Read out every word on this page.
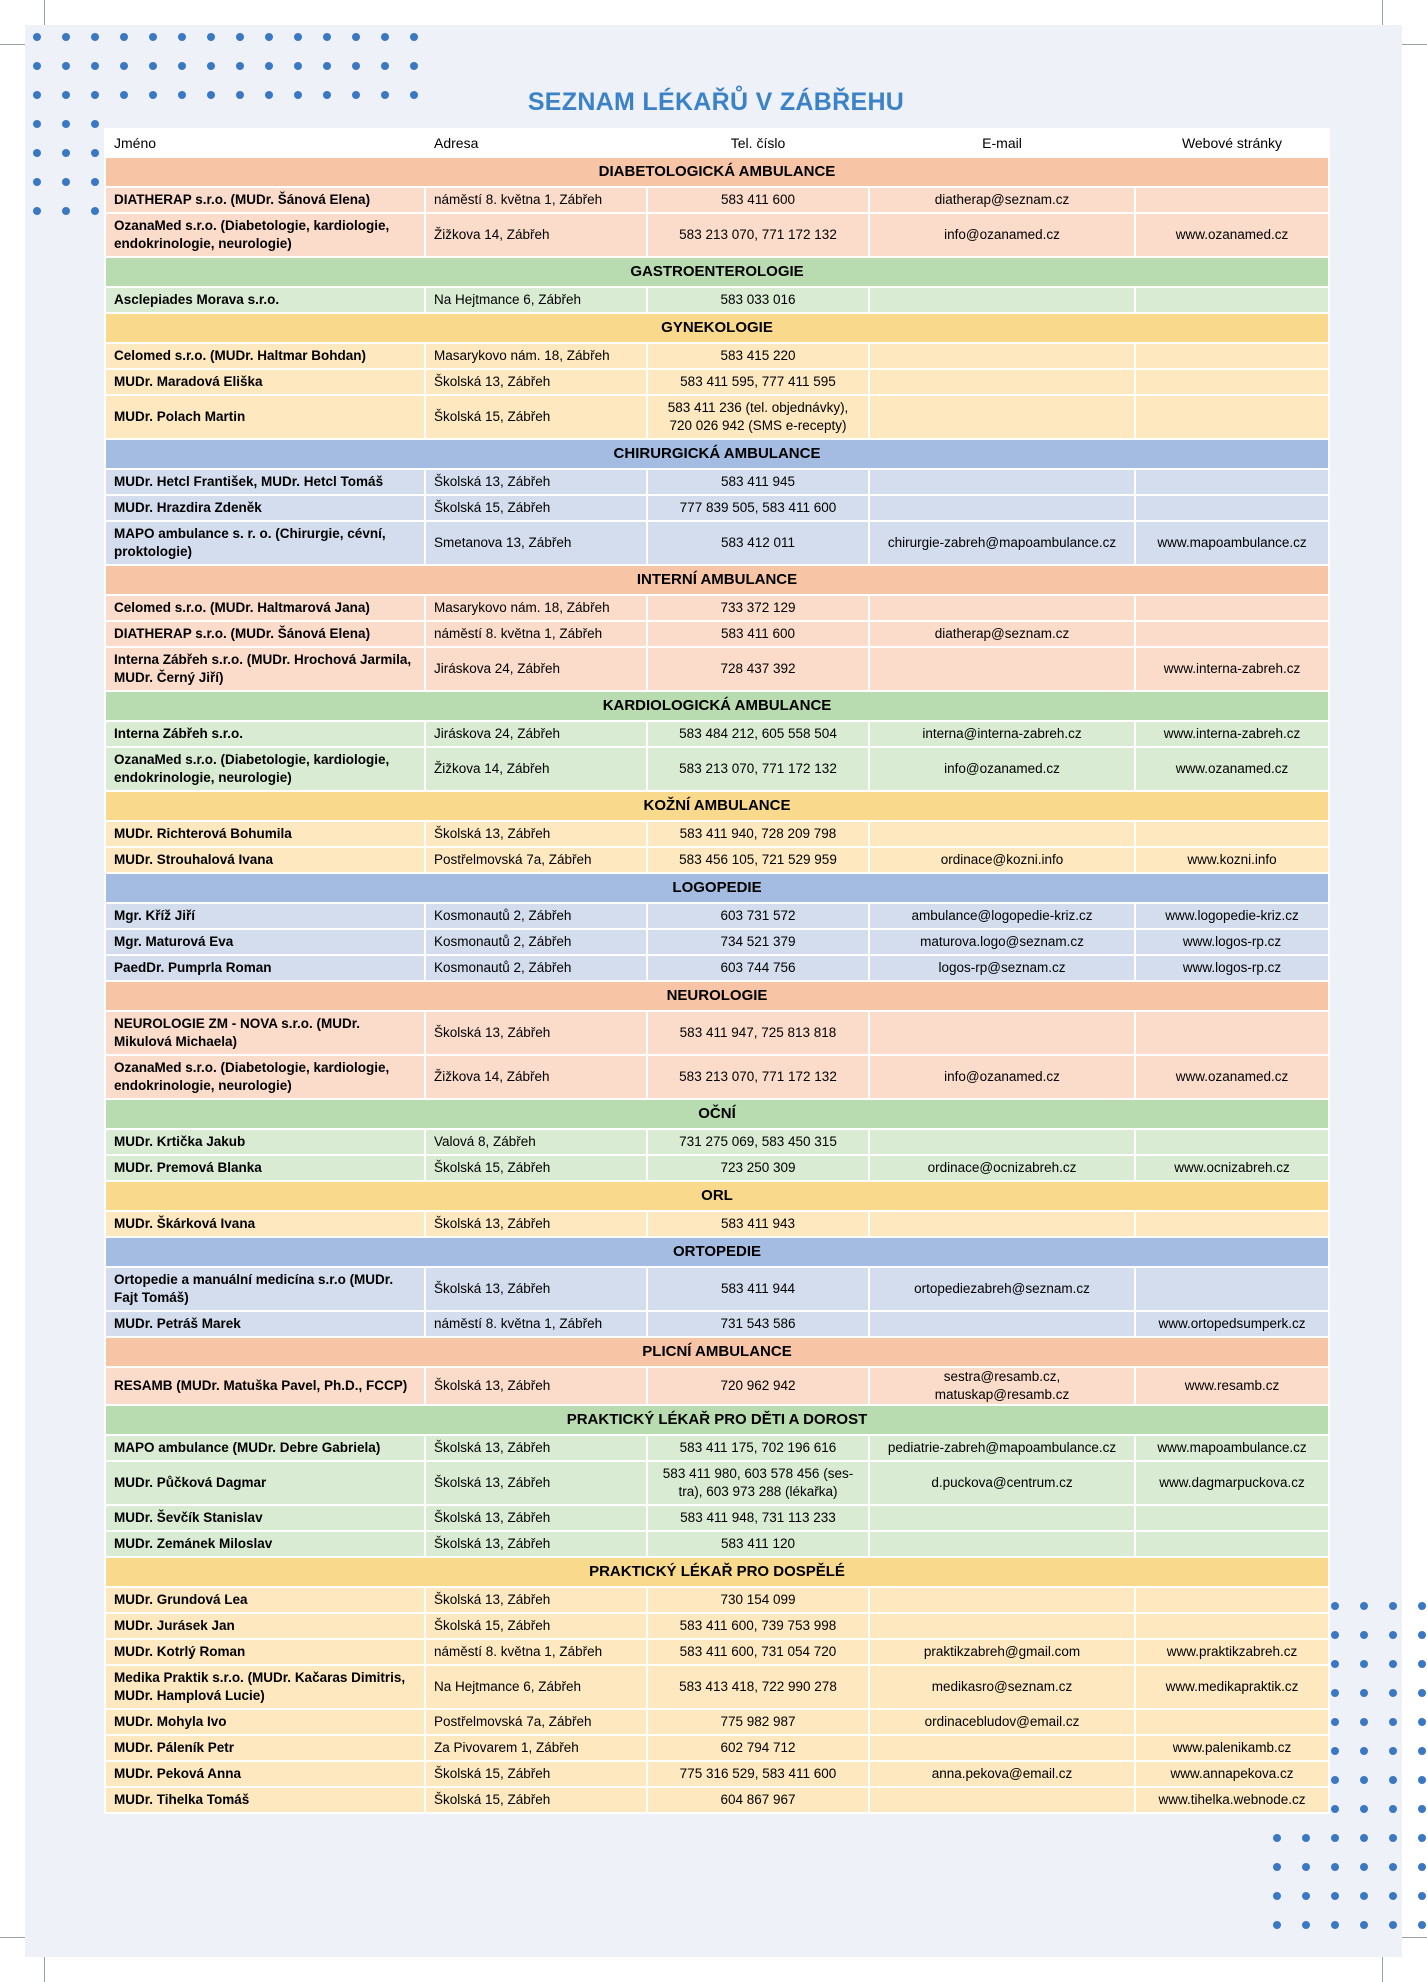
SEZNAM LÉKAŘŮ V ZÁBŘEHU
Jméno	Adresa	Tel. číslo	E-mail	Webové stránky
DIABETOLOGICKÁ AMBULANCE				
DIATHERAP s.r.o. (MUDr. Šánová Elena)	náměstí 8. května 1, Zábřeh	583 411 600	diatherap@seznam.cz	
OzanaMed s.r.o. (Diabetologie, kardiologie, endokrinologie, neurologie)	Žižkova 14, Zábřeh	583 213 070, 771 172 132	info@ozanamed.cz	www.ozanamed.cz
GASTROENTEROLOGIE				
Asclepiades Morava s.r.o.	Na Hejtmance 6, Zábřeh	583 033 016		
GYNEKOLOGIE				
Celomed s.r.o. (MUDr. Haltmar Bohdan)	Masarykovo nám. 18, Zábřeh	583 415 220		
MUDr. Maradová Eliška	Školská 13, Zábřeh	583 411 595, 777 411 595		
MUDr. Polach Martin	Školská 15, Zábřeh	583 411 236 (tel. objednávky), 720 026 942 (SMS e-recepty)		
CHIRURGICKÁ AMBULANCE				
MUDr. Hetcl František, MUDr. Hetcl Tomáš	Školská 13, Zábřeh	583 411 945		
MUDr. Hrazdira Zdeněk	Školská 15, Zábřeh	777 839 505, 583 411 600		
MAPO ambulance s. r. o. (Chirurgie, cévní, proktologie)	Smetanova 13, Zábřeh	583 412 011	chirurgie-zabreh@mapoambulance.cz	www.mapoambulance.cz
INTERNÍ AMBULANCE				
Celomed s.r.o. (MUDr. Haltmarová Jana)	Masarykovo nám. 18, Zábřeh	733 372 129		
DIATHERAP s.r.o. (MUDr. Šánová Elena)	náměstí 8. května 1, Zábřeh	583 411 600	diatherap@seznam.cz	
Interna Zábřeh s.r.o. (MUDr. Hrochová Jarmila, MUDr. Černý Jiří)	Jiráskova 24, Zábřeh	728 437 392		www.interna-zabreh.cz
KARDIOLOGICKÁ AMBULANCE				
Interna Zábřeh s.r.o.	Jiráskova 24, Zábřeh	583 484 212, 605 558 504	interna@interna-zabreh.cz	www.interna-zabreh.cz
OzanaMed s.r.o. (Diabetologie, kardiologie, endokrinologie, neurologie)	Žižkova 14, Zábřeh	583 213 070, 771 172 132	info@ozanamed.cz	www.ozanamed.cz
KOŽNÍ AMBULANCE				
MUDr. Richterová Bohumila	Školská 13, Zábřeh	583 411 940, 728 209 798		
MUDr. Strouhalová Ivana	Postřelmovská 7a, Zábřeh	583 456 105, 721 529 959	ordinace@kozni.info	www.kozni.info
LOGOPEDIE				
Mgr. Kříž Jiří	Kosmonautů 2, Zábřeh	603 731 572	ambulance@logopedie-kriz.cz	www.logopedie-kriz.cz
Mgr. Maturová Eva	Kosmonautů 2, Zábřeh	734 521 379	maturova.logo@seznam.cz	www.logos-rp.cz
PaedDr. Pumprla Roman	Kosmonautů 2, Zábřeh	603 744 756	logos-rp@seznam.cz	www.logos-rp.cz
NEUROLOGIE				
NEUROLOGIE ZM - NOVA s.r.o. (MUDr. Mikulová Michaela)	Školská 13, Zábřeh	583 411 947, 725 813 818		
OzanaMed s.r.o. (Diabetologie, kardiologie, endokrinologie, neurologie)	Žižkova 14, Zábřeh	583 213 070, 771 172 132	info@ozanamed.cz	www.ozanamed.cz
OČNÍ				
MUDr. Krtička Jakub	Valová 8, Zábřeh	731 275 069, 583 450 315		
MUDr. Premová Blanka	Školská 15, Zábřeh	723 250 309	ordinace@ocnizabreh.cz	www.ocnizabreh.cz
ORL				
MUDr. Škárková Ivana	Školská 13, Zábřeh	583 411 943		
ORTOPEDIE				
Ortopedie a manuální medicína s.r.o (MUDr. Fajt Tomáš)	Školská 13, Zábřeh	583 411 944	ortopediezabreh@seznam.cz	
MUDr. Petráš Marek	náměstí 8. května 1, Zábřeh	731 543 586		www.ortopedsumperk.cz
PLICNÍ AMBULANCE				
RESAMB (MUDr. Matuška Pavel, Ph.D., FCCP)	Školská 13, Zábřeh	720 962 942	sestra@resamb.cz, matuskap@resamb.cz	www.resamb.cz
PRAKTICKÝ LÉKAŘ PRO DĚTI A DOROST				
MAPO ambulance (MUDr. Debre Gabriela)	Školská 13, Zábřeh	583 411 175, 702 196 616	pediatrie-zabreh@mapoambulance.cz	www.mapoambulance.cz
MUDr. Půčková Dagmar	Školská 13, Zábřeh	583 411 980, 603 578 456 (ses-tra), 603 973 288 (lékařka)	d.puckova@centrum.cz	www.dagmarpuckova.cz
MUDr. Ševčík Stanislav	Školská 13, Zábřeh	583 411 948, 731 113 233		
MUDr. Zemánek Miloslav	Školská 13, Zábřeh	583 411 120		
PRAKTICKÝ LÉKAŘ PRO DOSPĚLÉ				
MUDr. Grundová Lea	Školská 13, Zábřeh	730 154 099		
MUDr. Jurásek Jan	Školská 15, Zábřeh	583 411 600, 739 753 998		
MUDr. Kotrlý Roman	náměstí 8. května 1, Zábřeh	583 411 600, 731 054 720	praktikzabreh@gmail.com	www.praktikzabreh.cz
Medika Praktik s.r.o. (MUDr. Kačaras Dimitris, MUDr. Hamplová Lucie)	Na Hejtmance 6, Zábřeh	583 413 418, 722 990 278	medikasro@seznam.cz	www.medikapraktik.cz
MUDr. Mohyla Ivo	Postřelmovská 7a, Zábřeh	775 982 987	ordinacebludov@email.cz	
MUDr. Páleník Petr	Za Pivovarem 1, Zábřeh	602 794 712		www.palenikamb.cz
MUDr. Peková Anna	Školská 15, Zábřeh	775 316 529, 583 411 600	anna.pekova@email.cz	www.annapekova.cz
MUDr. Tihelka Tomáš	Školská 15, Zábřeh	604 867 967		www.tihelka.webnode.cz
